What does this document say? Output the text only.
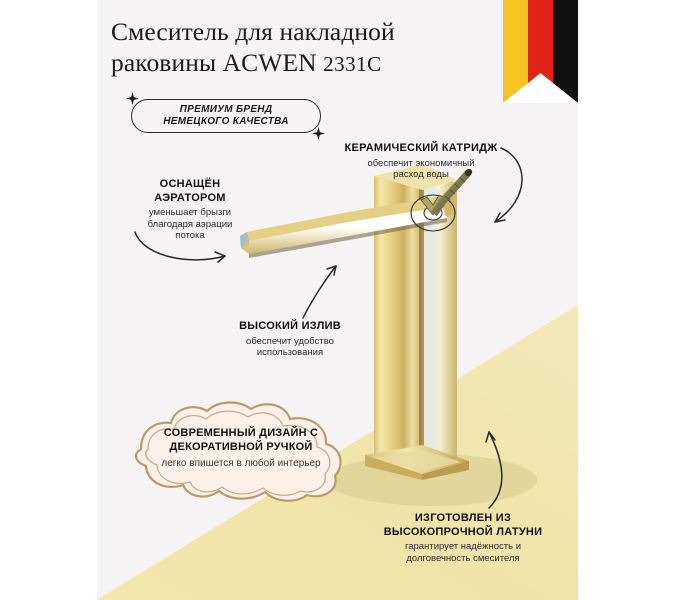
Смеситель для накладной
раковины ACWEN 2331C
ПРЕМИУМ БРЕНД
НЕМЕЦКОГО КАЧЕСТВА
КЕРАМИЧЕСКИЙ КАТРИДЖ
обеспечит экономичный
расход воды
ОСНАЩЁН
АЭРАТОРОМ
уменьшает брызги
благодаря аэрации
потока
ВЫСОКИЙ ИЗЛИВ
обеспечит удобство
использования
ИЗГОТОВЛЕН ИЗ
ВЫСОКОПРОЧНОЙ ЛАТУНИ
гарантирует надёжность и
долговечность смесителя
СОВРЕМЕННЫЙ ДИЗАЙН С
ДЕКОРАТИВНОЙ РУЧКОЙ
легко впишется в любой интерьер
